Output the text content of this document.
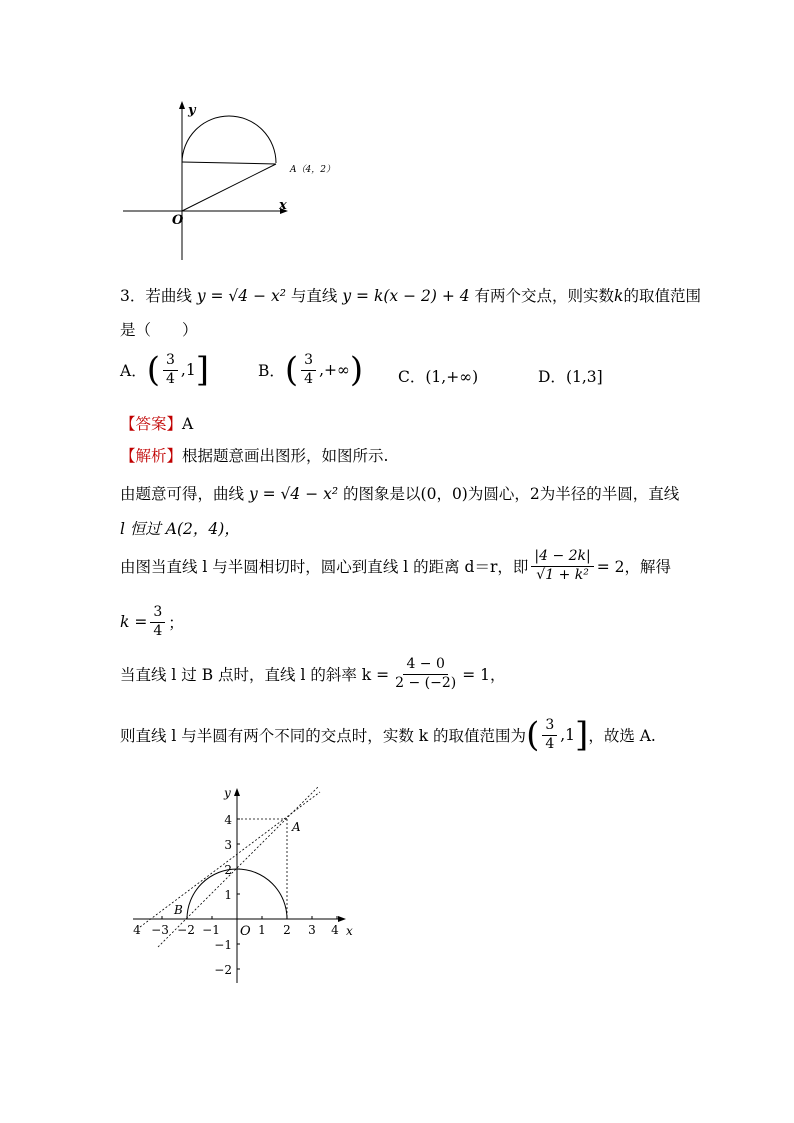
y
x
O
A（4，2）
3．若曲线 y = √4 − x² 与直线 y = k(x − 2) + 4 有两个交点，则实数k的取值范围
是（　　）
A． ( $\frac{3}{4} ,1$ ]	B． ( $\frac{3}{4}$ ,+∞ ) C．(1,+∞)	D．(1,3]
【答案】A
【解析】根据题意画出图形，如图所示.
由题意可得，曲线 y = √4 − x² 的图象是以(0，0)为圆心，2为半径的半圆，直线
l 恒过 A(2，4)，
由图当直线 l 与半圆相切时，圆心到直线 l 的距离 d＝r，即 $\frac{|4 - 2k|}{\text{√1 + k²}} = 2$，解得
$k = \frac{3}{4}$ ；
当直线 l 过 B 点时，直线 l 的斜率 $k = \frac{4 - 0}{2 - (-2)} = 1$，
则直线 l 与半圆有两个不同的交点时，实数 k 的取值范围为 ( $\frac{3}{4} ,1$ ] ，故选 A.
y
x
O
A
B
4 −3 −2 −1	1 2 3 4
4
3
2
1
−1
−2
